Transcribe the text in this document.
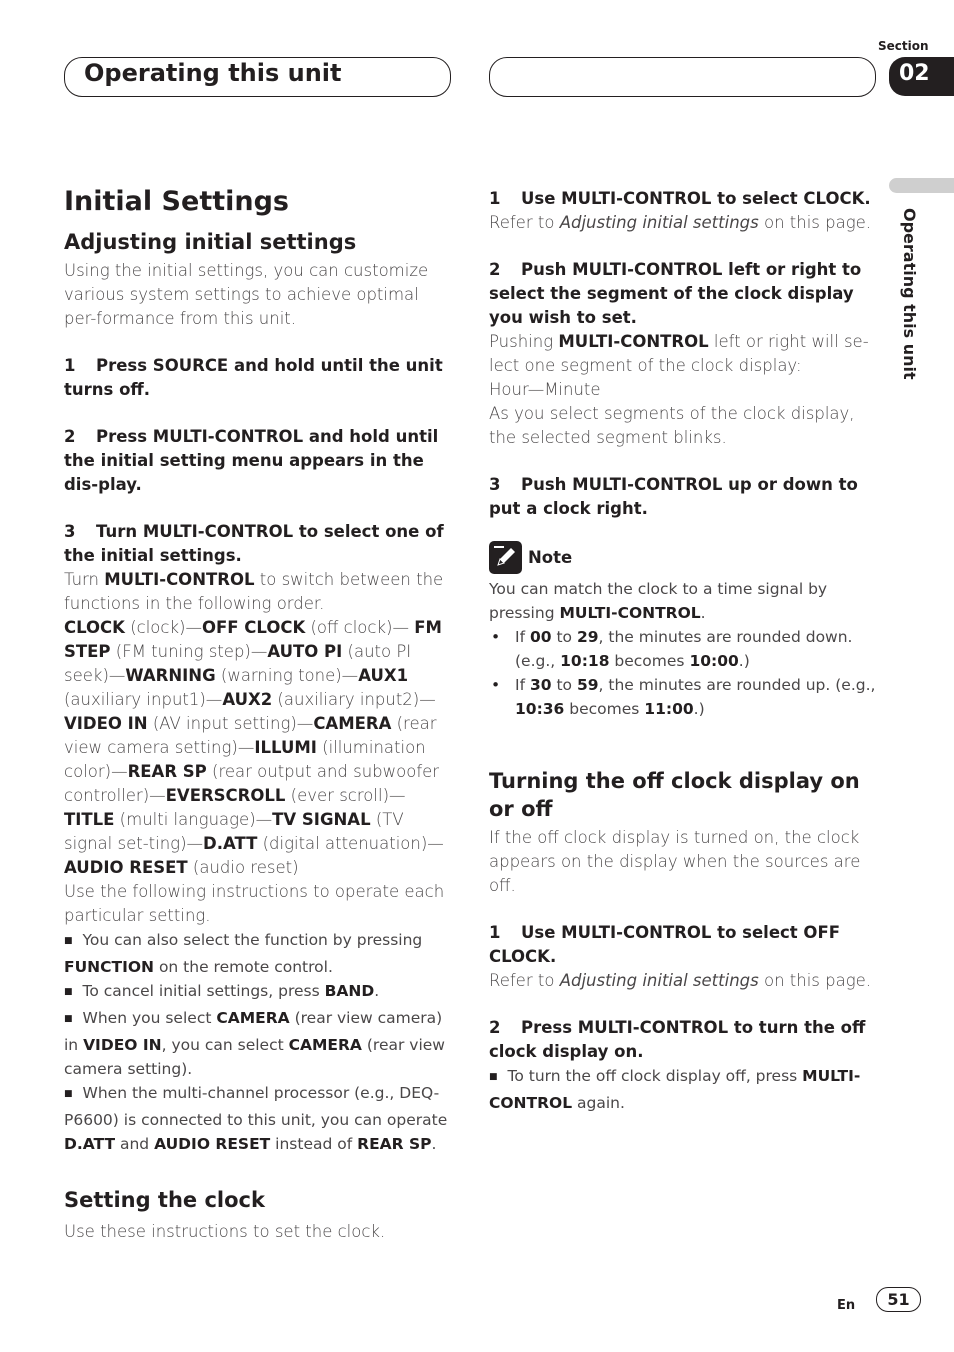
Operating this unit
Section
02
Operating this unit
Initial Settings
Adjusting initial settings

Using the initial settings, you can customize various system settings to achieve optimal per-formance from this unit.

1 Press SOURCE and hold until the unit turns off.

2 Press MULTI-CONTROL and hold until the initial setting menu appears in the dis-play.

3 Turn MULTI-CONTROL to select one of the initial settings.

Turn MULTI-CONTROL to switch between the functions in the following order.

CLOCK (clock)—OFF CLOCK (off clock)— FM STEP (FM tuning step)—AUTO PI (auto PI seek)—WARNING (warning tone)—AUX1 (auxiliary input1)—AUX2 (auxiliary input2)— VIDEO IN (AV input setting)—CAMERA (rear view camera setting)—ILLUMI (illumination color)—REAR SP (rear output and subwoofer controller)—EVERSCROLL (ever scroll)—TITLE (multi language)—TV SIGNAL (TV signal set-ting)—D.ATT (digital attenuation)— AUDIO RESET (audio reset)

Use the following instructions to operate each particular setting.

■ You can also select the function by pressing FUNCTION on the remote control.

■ To cancel initial settings, press BAND.

■ When you select CAMERA (rear view camera) in VIDEO IN, you can select CAMERA (rear view camera setting).

■ When the multi-channel processor (e.g., DEQ-P6600) is connected to this unit, you can operate D.ATT and AUDIO RESET instead of REAR SP.

Setting the clock

Use these instructions to set the clock.

1 Use MULTI-CONTROL to select CLOCK.

Refer to Adjusting initial settings on this page.

2 Push MULTI-CONTROL left or right to select the segment of the clock display you wish to set.

Pushing MULTI-CONTROL left or right will se-lect one segment of the clock display:

Hour—Minute

As you select segments of the clock display, the selected segment blinks.

3 Push MULTI-CONTROL up or down to put a clock right.

Note

You can match the clock to a time signal by pressing MULTI-CONTROL.

• If 00 to 29, the minutes are rounded down. (e.g., 10:18 becomes 10:00.)

• If 30 to 59, the minutes are rounded up. (e.g., 10:36 becomes 11:00.)

Turning the off clock display on or off

If the off clock display is turned on, the clock appears on the display when the sources are off.

1 Use MULTI-CONTROL to select OFF CLOCK.

Refer to Adjusting initial settings on this page.

2 Press MULTI-CONTROL to turn the off clock display on.

■ To turn the off clock display off, press MULTI-CONTROL again.

En	51
